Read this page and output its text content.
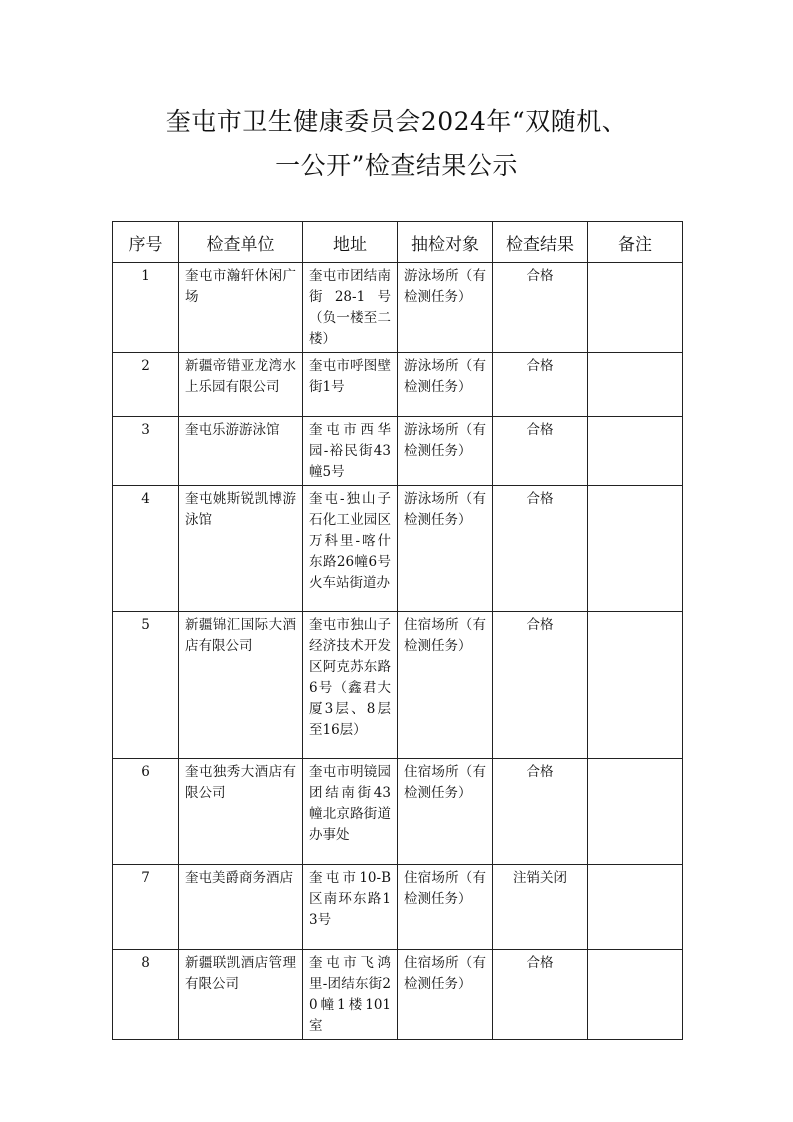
奎屯市卫生健康委员会2024年“双随机、
一公开”检查结果公示
序号	检查单位	地址	抽检对象	检查结果	备注
1	奎屯市瀚轩休闲广场	奎屯市团结南街28-1号（负一楼至二楼）	游泳场所（有检测任务）	合格	
2	新疆帝错亚龙湾水上乐园有限公司	奎屯市呼图壁街1号	游泳场所（有检测任务）	合格	
3	奎屯乐游游泳馆	奎屯市西华园-裕民街43幢5号	游泳场所（有检测任务）	合格	
4	奎屯姚斯锐凯博游泳馆	奎屯-独山子石化工业园区万科里-喀什东路26幢6号火车站街道办	游泳场所（有检测任务）	合格	
5	新疆锦汇国际大酒店有限公司	奎屯市独山子经济技术开发区阿克苏东路6号（鑫君大厦3层、8层至16层）	住宿场所（有检测任务）	合格	
6	奎屯独秀大酒店有限公司	奎屯市明镜园团结南街43幢北京路街道办事处	住宿场所（有检测任务）	合格	
7	奎屯美爵商务酒店	奎屯市10-B区南环东路13号	住宿场所（有检测任务）	注销关闭	
8	新疆联凯酒店管理有限公司	奎屯市飞鸿里-团结东街20幢1楼101室	住宿场所（有检测任务）	合格	
